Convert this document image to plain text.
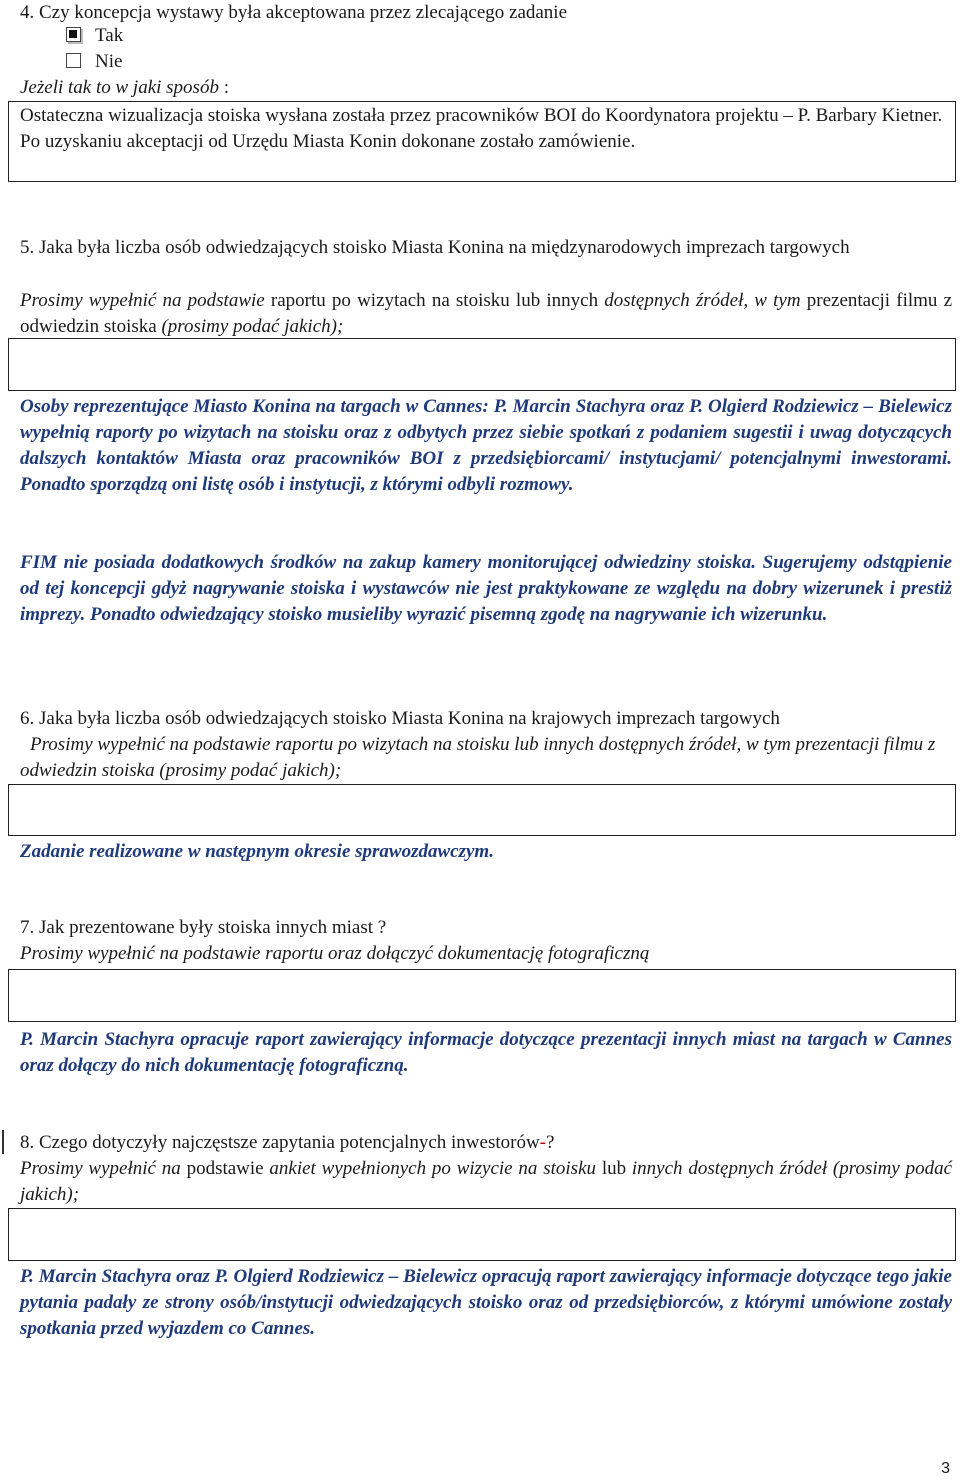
4. Czy koncepcja wystawy była akceptowana przez zlecającego zadanie

Tak
Nie

Jeżeli tak to w jaki sposób :

Ostateczna wizualizacja stoiska wysłana została przez pracowników BOI do Koordynatora projektu – P. Barbary Kietner. Po uzyskaniu akceptacji od Urzędu Miasta Konin dokonane zostało zamówienie.

5. Jaka była liczba osób odwiedzających stoisko Miasta Konina na międzynarodowych imprezach targowych

Prosimy wypełnić na podstawie raportu po wizytach na stoisku lub innych dostępnych źródeł, w tym prezentacji filmu z odwiedzin stoiska (prosimy podać jakich);

Osoby reprezentujące Miasto Konina na targach w Cannes: P. Marcin Stachyra oraz P. Olgierd Rodziewicz – Bielewicz wypełnią raporty po wizytach na stoisku oraz z odbytych przez siebie spotkań z podaniem sugestii i uwag dotyczących dalszych kontaktów Miasta oraz pracowników BOI z przedsiębiorcami/ instytucjami/ potencjalnymi inwestorami. Ponadto sporządzą oni listę osób i instytucji, z którymi odbyli rozmowy.

FIM nie posiada dodatkowych środków na zakup kamery monitorującej odwiedziny stoiska. Sugerujemy odstąpienie od tej koncepcji gdyż nagrywanie stoiska i wystawców nie jest praktykowane ze względu na dobry wizerunek i prestiż imprezy. Ponadto odwiedzający stoisko musieliby wyrazić pisemną zgodę na nagrywanie ich wizerunku.

6. Jaka była liczba osób odwiedzających stoisko Miasta Konina na krajowych imprezach targowych

Prosimy wypełnić na podstawie raportu po wizytach na stoisku lub innych dostępnych źródeł, w tym prezentacji filmu z odwiedzin stoiska (prosimy podać jakich);

Zadanie realizowane w następnym okresie sprawozdawczym.

7. Jak prezentowane były stoiska innych miast ?

Prosimy wypełnić na podstawie raportu oraz dołączyć dokumentację fotograficzną

P. Marcin Stachyra opracuje raport zawierający informacje dotyczące prezentacji innych miast na targach w Cannes oraz dołączy do nich dokumentację fotograficzną.

8. Czego dotyczyły najczęstsze zapytania potencjalnych inwestorów-?

Prosimy wypełnić na podstawie ankiet wypełnionych po wizycie na stoisku lub innych dostępnych źródeł (prosimy podać jakich);

P. Marcin Stachyra oraz P. Olgierd Rodziewicz – Bielewicz opracują raport zawierający informacje dotyczące tego jakie pytania padały ze strony osób/instytucji odwiedzających stoisko oraz od przedsiębiorców, z którymi umówione zostały spotkania przed wyjazdem co Cannes.

3
